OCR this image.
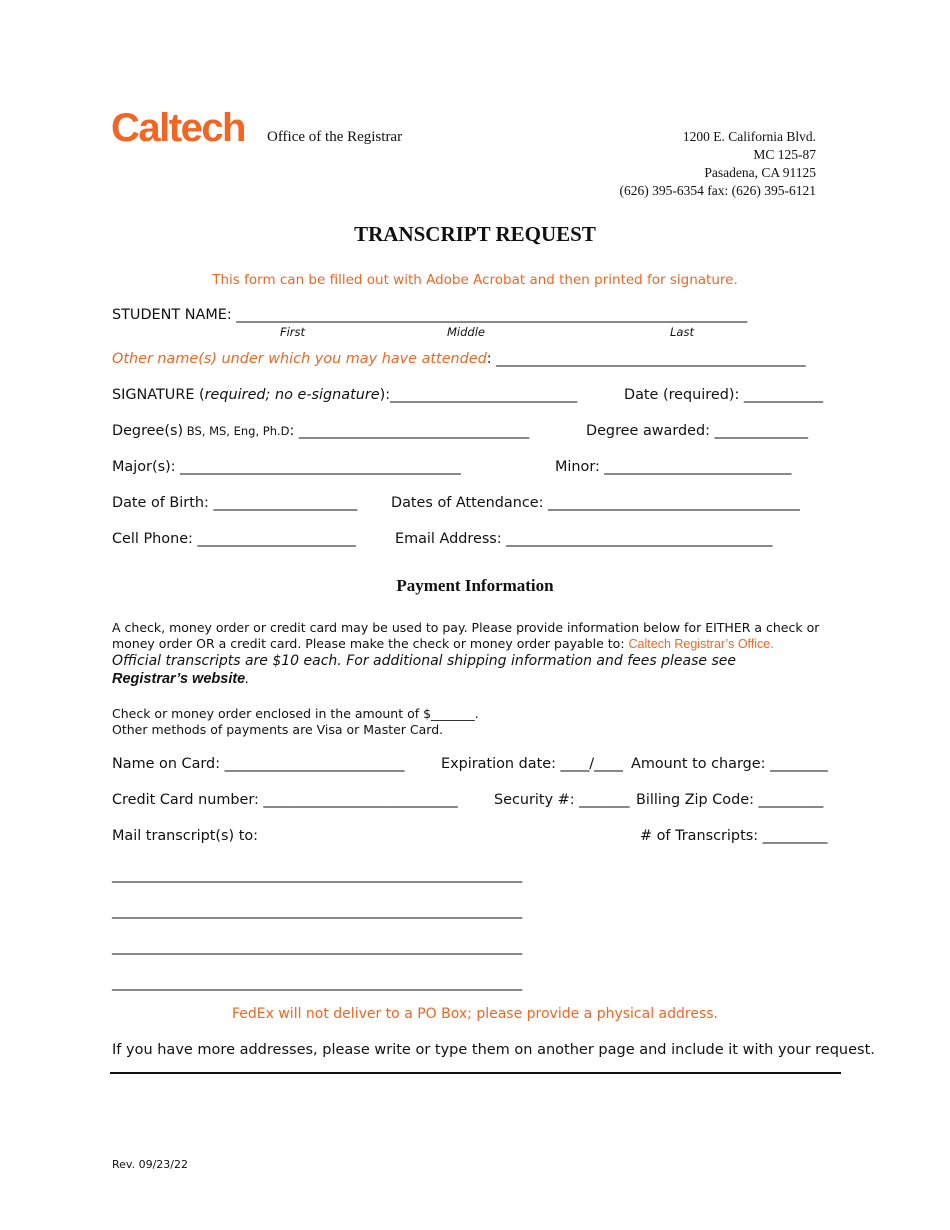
Caltech Office of the Registrar	1200 E. California Blvd.
MC 125-87
Pasadena, CA 91125
(626) 395-6354 fax: (626) 395-6121
TRANSCRIPT REQUEST
This form can be filled out with Adobe Acrobat and then printed for signature.
STUDENT NAME: _______________________________________________________________________
First	Middle	Last
Other name(s) under which you may have attended: ___________________________________________
SIGNATURE (required; no e-signature):__________________________	Date (required): ___________
Degree(s) BS, MS, Eng, Ph.D: ________________________________	Degree awarded: _____________
Major(s): _______________________________________	Minor: __________________________
Date of Birth: ____________________ Dates of Attendance: ___________________________________
Cell Phone: ______________________	Email Address: _____________________________________
Payment Information
A check, money order or credit card may be used to pay. Please provide information below for EITHER a check or
money order OR a credit card. Please make the check or money order payable to: Caltech Registrar’s Office.
Official transcripts are $10 each. For additional shipping information and fees please see
Registrar’s website.
Check or money order enclosed in the amount of $_______.
Other methods of payments are Visa or Master Card.
Name on Card: _________________________	Expiration date: ____/____ Amount to charge: ________
Credit Card number: ___________________________	Security #: _______ Billing Zip Code: _________
Mail transcript(s) to:	# of Transcripts: _________
_________________________________________________________
_________________________________________________________
_________________________________________________________
_________________________________________________________
FedEx will not deliver to a PO Box; please provide a physical address.
If you have more addresses, please write or type them on another page and include it with your request.
Rev. 09/23/22
